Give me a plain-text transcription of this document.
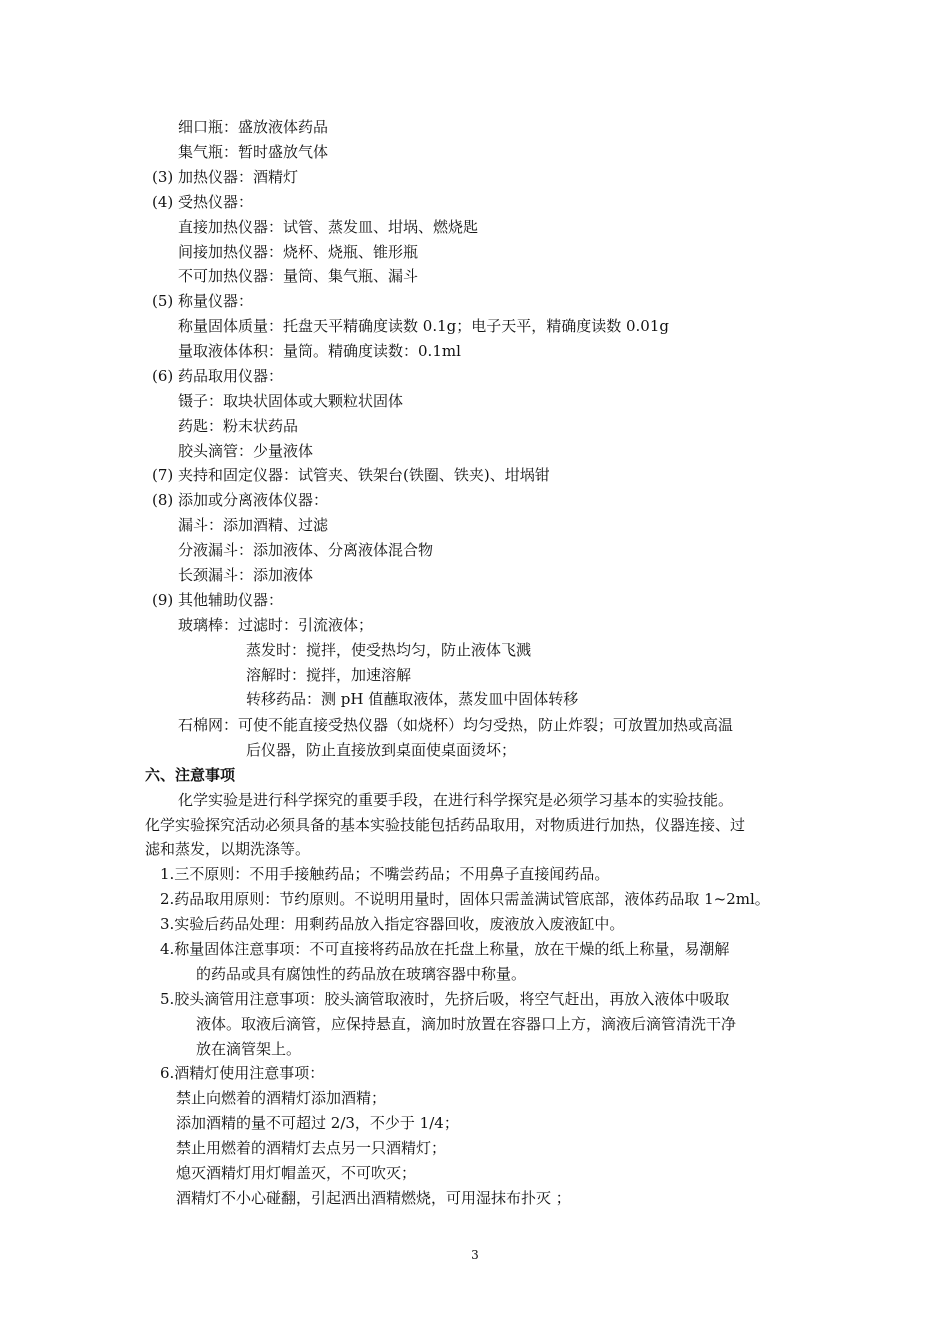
细口瓶：盛放液体药品
集气瓶：暂时盛放气体
(3) 加热仪器：酒精灯
(4) 受热仪器：
直接加热仪器：试管、蒸发皿、坩埚、燃烧匙
间接加热仪器：烧杯、烧瓶、锥形瓶
不可加热仪器：量筒、集气瓶、漏斗
(5) 称量仪器：
称量固体质量：托盘天平精确度读数 0.1g；电子天平，精确度读数 0.01g
量取液体体积：量筒。精确度读数：0.1ml
(6) 药品取用仪器：
镊子：取块状固体或大颗粒状固体
药匙：粉末状药品
胶头滴管：少量液体
(7) 夹持和固定仪器：试管夹、铁架台(铁圈、铁夹)、坩埚钳
(8) 添加或分离液体仪器：
漏斗：添加酒精、过滤
分液漏斗：添加液体、分离液体混合物
长颈漏斗：添加液体
(9) 其他辅助仪器：
玻璃棒：过滤时：引流液体；
蒸发时：搅拌，使受热均匀，防止液体飞溅
溶解时：搅拌，加速溶解
转移药品：测 pH 值蘸取液体，蒸发皿中固体转移
石棉网：可使不能直接受热仪器（如烧杯）均匀受热，防止炸裂；可放置加热或高温
后仪器，防止直接放到桌面使桌面烫坏；
六、注意事项
化学实验是进行科学探究的重要手段，在进行科学探究是必须学习基本的实验技能。
化学实验探究活动必须具备的基本实验技能包括药品取用，对物质进行加热，仪器连接、过
滤和蒸发，以期洗涤等。
1.三不原则：不用手接触药品；不嘴尝药品；不用鼻子直接闻药品。
2.药品取用原则：节约原则。不说明用量时，固体只需盖满试管底部，液体药品取 1~2ml。
3.实验后药品处理：用剩药品放入指定容器回收，废液放入废液缸中。
4.称量固体注意事项：不可直接将药品放在托盘上称量，放在干燥的纸上称量，易潮解
的药品或具有腐蚀性的药品放在玻璃容器中称量。
5.胶头滴管用注意事项：胶头滴管取液时，先挤后吸，将空气赶出，再放入液体中吸取
液体。取液后滴管，应保持悬直，滴加时放置在容器口上方，滴液后滴管清洗干净
放在滴管架上。
6.酒精灯使用注意事项：
禁止向燃着的酒精灯添加酒精；
添加酒精的量不可超过 2/3，不少于 1/4；
禁止用燃着的酒精灯去点另一只酒精灯；
熄灭酒精灯用灯帽盖灭，不可吹灭；
酒精灯不小心碰翻，引起洒出酒精燃烧，可用湿抹布扑灭 ；
3
